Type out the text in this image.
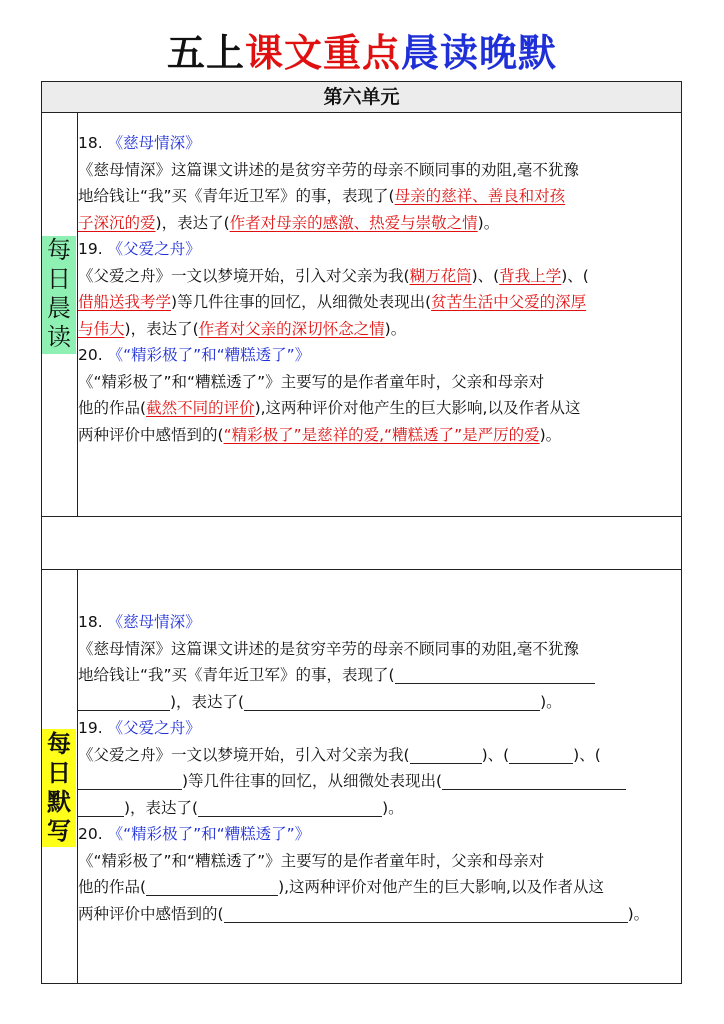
五上课文重点晨读晚默
第六单元
每
日
晨
读
每
日
默
写
18. 《慈母情深》
《慈母情深》这篇课文讲述的是贫穷辛劳的母亲不顾同事的劝阻,毫不犹豫
地给钱让“我”买《青年近卫军》的事，表现了(母亲的慈祥、善良和对孩
子深沉的爱)，表达了(作者对母亲的感激、热爱与崇敬之情)。
19. 《父爱之舟》
《父爱之舟》一文以梦境开始，引入对父亲为我(糊万花筒)、(背我上学)、(
借船送我考学)等几件往事的回忆，从细微处表现出(贫苦生活中父爱的深厚
与伟大)，表达了(作者对父亲的深切怀念之情)。
20. 《“精彩极了”和“糟糕透了”》
《“精彩极了”和“糟糕透了”》主要写的是作者童年时，父亲和母亲对
他的作品(截然不同的评价),这两种评价对他产生的巨大影响,以及作者从这
两种评价中感悟到的(“精彩极了”是慈祥的爱,“糟糕透了”是严厉的爱)。
18. 《慈母情深》
《慈母情深》这篇课文讲述的是贫穷辛劳的母亲不顾同事的劝阻,毫不犹豫
地给钱让“我”买《青年近卫军》的事，表现了(
)，表达了(	)。
19. 《父爱之舟》
《父爱之舟》一文以梦境开始，引入对父亲为我(	)、(	)、(
)等几件往事的回忆，从细微处表现出(
)，表达了(	)。
20. 《“精彩极了”和“糟糕透了”》
《“精彩极了”和“糟糕透了”》主要写的是作者童年时，父亲和母亲对
他的作品(	),这两种评价对他产生的巨大影响,以及作者从这
两种评价中感悟到的(	)。
